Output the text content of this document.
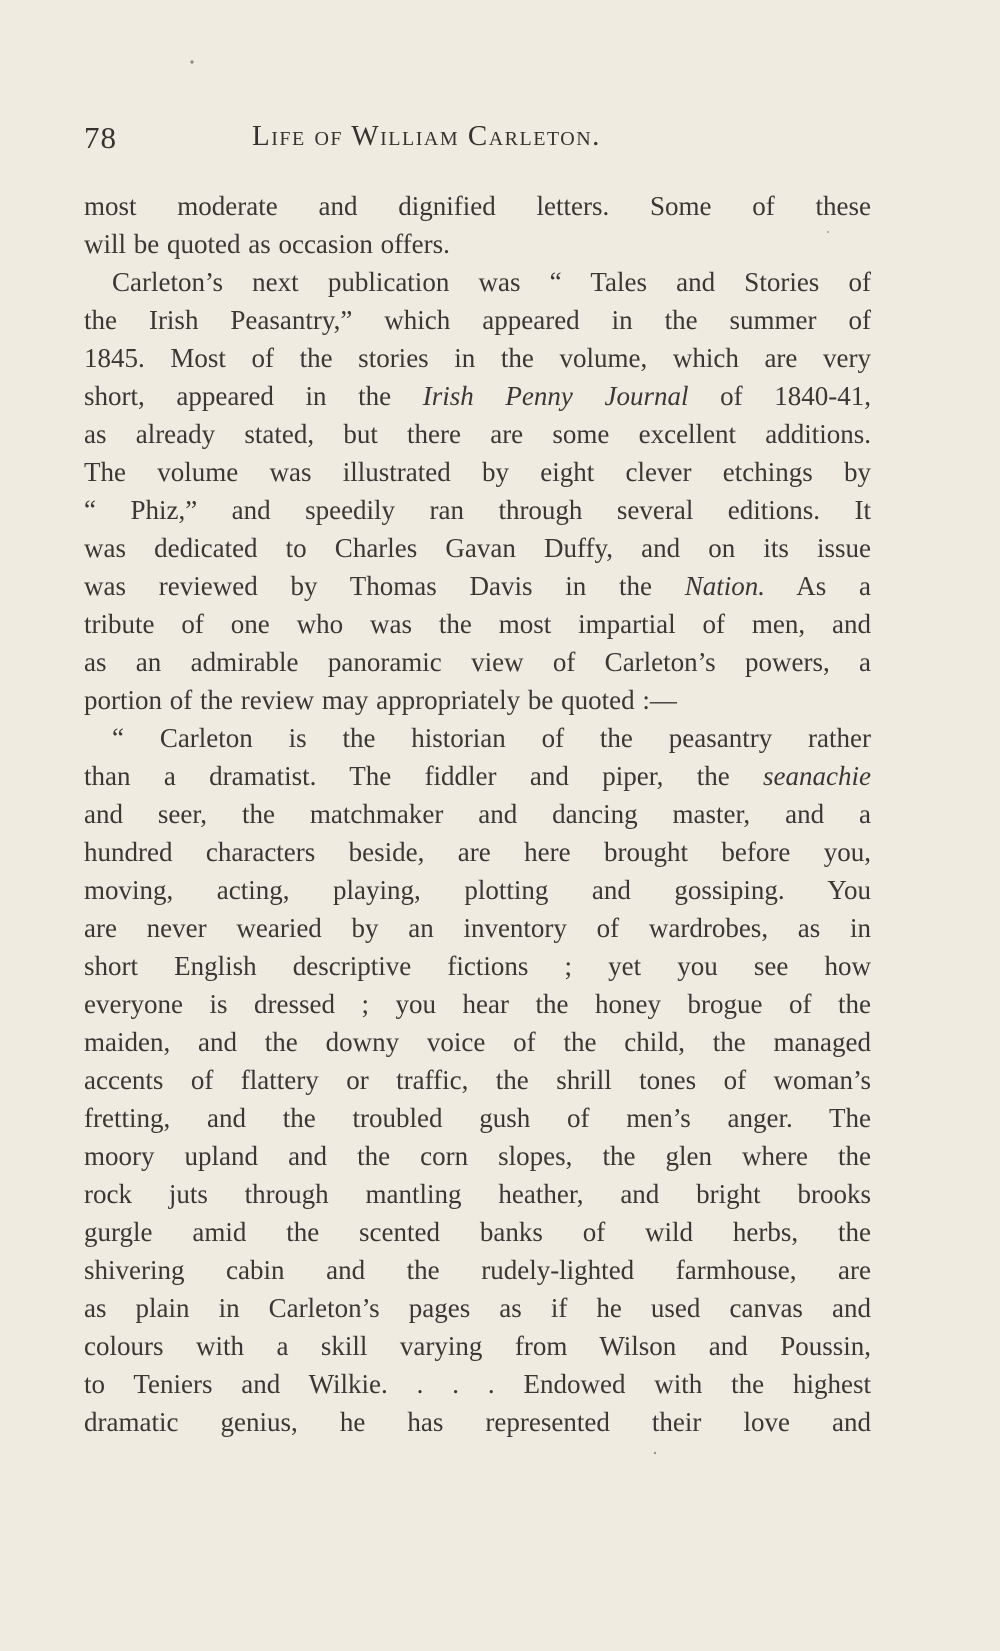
78	Life of William Carleton.
most moderate and dignified letters. Some of these
will be quoted as occasion offers.
Carleton’s next publication was “ Tales and Stories of
the Irish Peasantry,” which appeared in the summer of
1845. Most of the stories in the volume, which are very
short, appeared in the Irish Penny Journal of 1840-41,
as already stated, but there are some excellent additions.
The volume was illustrated by eight clever etchings by
“ Phiz,” and speedily ran through several editions. It
was dedicated to Charles Gavan Duffy, and on its issue
was reviewed by Thomas Davis in the Nation. As a
tribute of one who was the most impartial of men, and
as an admirable panoramic view of Carleton’s powers, a
portion of the review may appropriately be quoted :—
“ Carleton is the historian of the peasantry rather
than a dramatist. The fiddler and piper, the seanachie
and seer, the matchmaker and dancing master, and a
hundred characters beside, are here brought before you,
moving, acting, playing, plotting and gossiping. You
are never wearied by an inventory of wardrobes, as in
short English descriptive fictions ; yet you see how
everyone is dressed ; you hear the honey brogue of the
maiden, and the downy voice of the child, the managed
accents of flattery or traffic, the shrill tones of woman’s
fretting, and the troubled gush of men’s anger. The
moory upland and the corn slopes, the glen where the
rock juts through mantling heather, and bright brooks
gurgle amid the scented banks of wild herbs, the
shivering cabin and the rudely-lighted farmhouse, are
as plain in Carleton’s pages as if he used canvas and
colours with a skill varying from Wilson and Poussin,
to Teniers and Wilkie. . . . Endowed with the highest
dramatic genius, he has represented their love and
